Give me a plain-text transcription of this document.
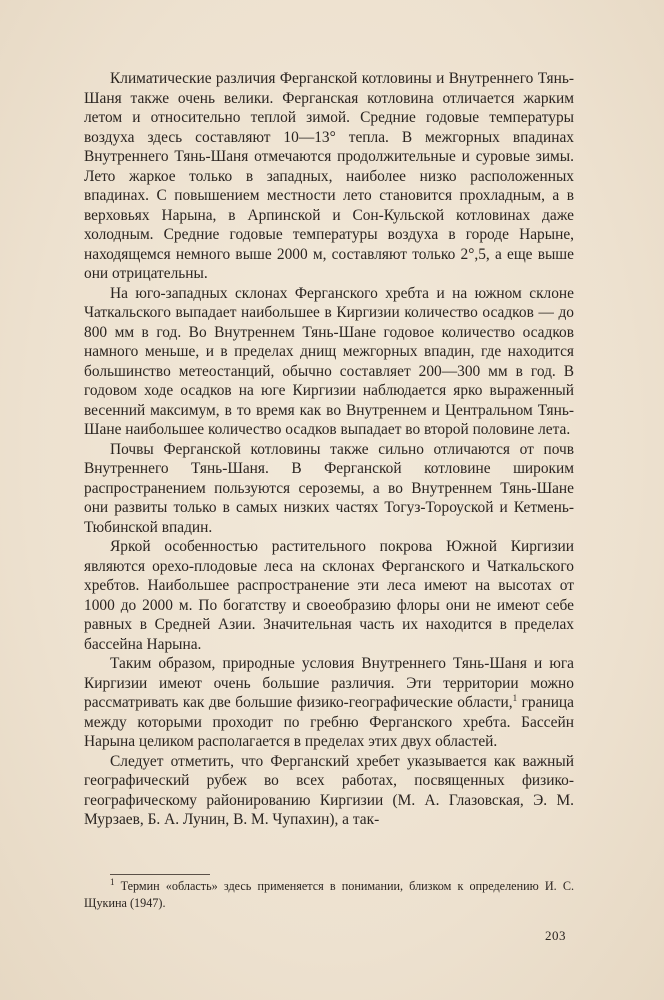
Климатические различия Ферганской котловины и Внутреннего Тянь-Шаня также очень велики. Ферганская котловина отличается жарким летом и относительно теплой зимой. Средние годовые температуры воздуха здесь составляют 10—13° тепла. В межгорных впадинах Внутреннего Тянь-Шаня отмечаются продолжительные и суровые зимы. Лето жаркое только в западных, наиболее низко расположенных впадинах. С повышением местности лето становится прохладным, а в верховьях Нарына, в Арпинской и Сон-Кульской котловинах даже холодным. Средние годовые температуры воздуха в городе Нарыне, находящемся немного выше 2000 м, составляют только 2°,5, а еще выше они отрицательны.

На юго-западных склонах Ферганского хребта и на южном склоне Чаткальского выпадает наибольшее в Киргизии количество осадков — до 800 мм в год. Во Внутреннем Тянь-Шане годовое количество осадков намного меньше, и в пределах днищ межгорных впадин, где находится большинство метеостанций, обычно составляет 200—300 мм в год. В годовом ходе осадков на юге Киргизии наблюдается ярко выраженный весенний максимум, в то время как во Внутреннем и Центральном Тянь-Шане наибольшее количество осадков выпадает во второй половине лета.

Почвы Ферганской котловины также сильно отличаются от почв Внутреннего Тянь-Шаня. В Ферганской котловине широким распространением пользуются сероземы, а во Внутреннем Тянь-Шане они развиты только в самых низких частях Тогуз-Тороуской и Кетмень-Тюбинской впадин.

Яркой особенностью растительного покрова Южной Киргизии являются орехо-плодовые леса на склонах Ферганского и Чаткальского хребтов. Наибольшее распространение эти леса имеют на высотах от 1000 до 2000 м. По богатству и своеобразию флоры они не имеют себе равных в Средней Азии. Значительная часть их находится в пределах бассейна Нарына.

Таким образом, природные условия Внутреннего Тянь-Шаня и юга Киргизии имеют очень большие различия. Эти территории можно рассматривать как две большие физико-географические области,$^1$ граница между которыми проходит по гребню Ферганского хребта. Бассейн Нарына целиком располагается в пределах этих двух областей.

Следует отметить, что Ферганский хребет указывается как важный географический рубеж во всех работах, посвященных физико-географическому районированию Киргизии (М. А. Глазовская, Э. М. Мурзаев, Б. А. Лунин, В. М. Чупахин), а так-

$^1$ Термин «область» здесь применяется в понимании, близком к определению И. С. Щукина (1947).

203
